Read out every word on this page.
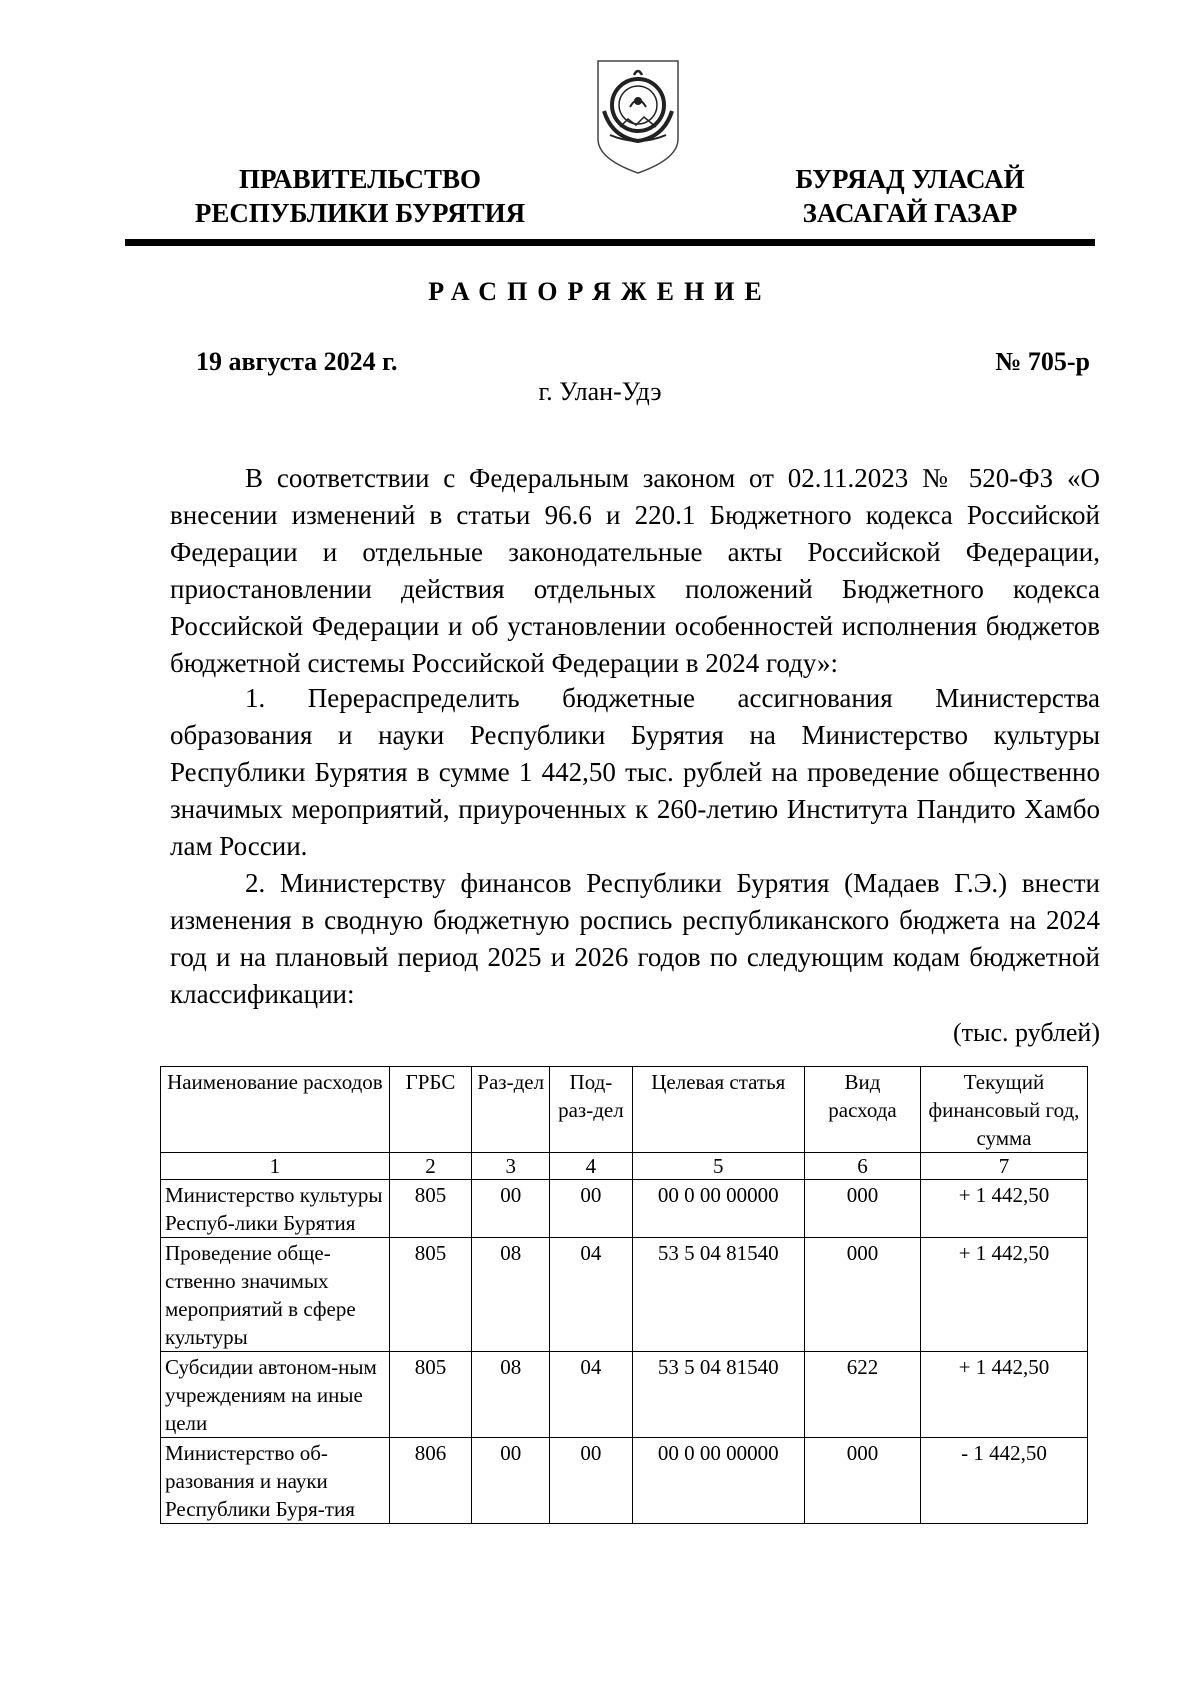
ПРАВИТЕЛЬСТВО
РЕСПУБЛИКИ БУРЯТИЯ
БУРЯАД УЛАСАЙ
ЗАСАГАЙ ГАЗАР
РАСПОРЯЖЕНИЕ
19 августа 2024 г.	№ 705-р
г. Улан-Удэ

В соответствии с Федеральным законом от 02.11.2023 № 520-ФЗ «О внесении изменений в статьи 96.6 и 220.1 Бюджетного кодекса Российской Федерации и отдельные законодательные акты Российской Федерации, приостановлении действия отдельных положений Бюджетного кодекса Российской Федерации и об установлении особенностей исполнения бюджетов бюджетной системы Российской Федерации в 2024 году»:

1. Перераспределить бюджетные ассигнования Министерства образования и науки Республики Бурятия на Министерство культуры Республики Бурятия в сумме 1 442,50 тыс. рублей на проведение общественно значимых мероприятий, приуроченных к 260-летию Института Пандито Хамбо лам России.

2. Министерству финансов Республики Бурятия (Мадаев Г.Э.) внести изменения в сводную бюджетную роспись республиканского бюджета на 2024 год и на плановый период 2025 и 2026 годов по следующим кодам бюджетной классификации:

(тыс. рублей)
Наименование расходов	ГРБС	Раз-дел	Под-раз-дел	Целевая статья	Вид расхода	Текущий финансовый год, сумма
1	2	3	4	5	6	7
Министерство культуры Респуб-лики Бурятия	805	00	00	00 0 00 00000	000	+ 1 442,50
Проведение обще-ственно значимых мероприятий в сфере культуры	805	08	04	53 5 04 81540	000	+ 1 442,50
Субсидии автоном-ным учреждениям на иные цели	805	08	04	53 5 04 81540	622	+ 1 442,50
Министерство об-разования и науки Республики Буря-тия	806	00	00	00 0 00 00000	000	- 1 442,50
